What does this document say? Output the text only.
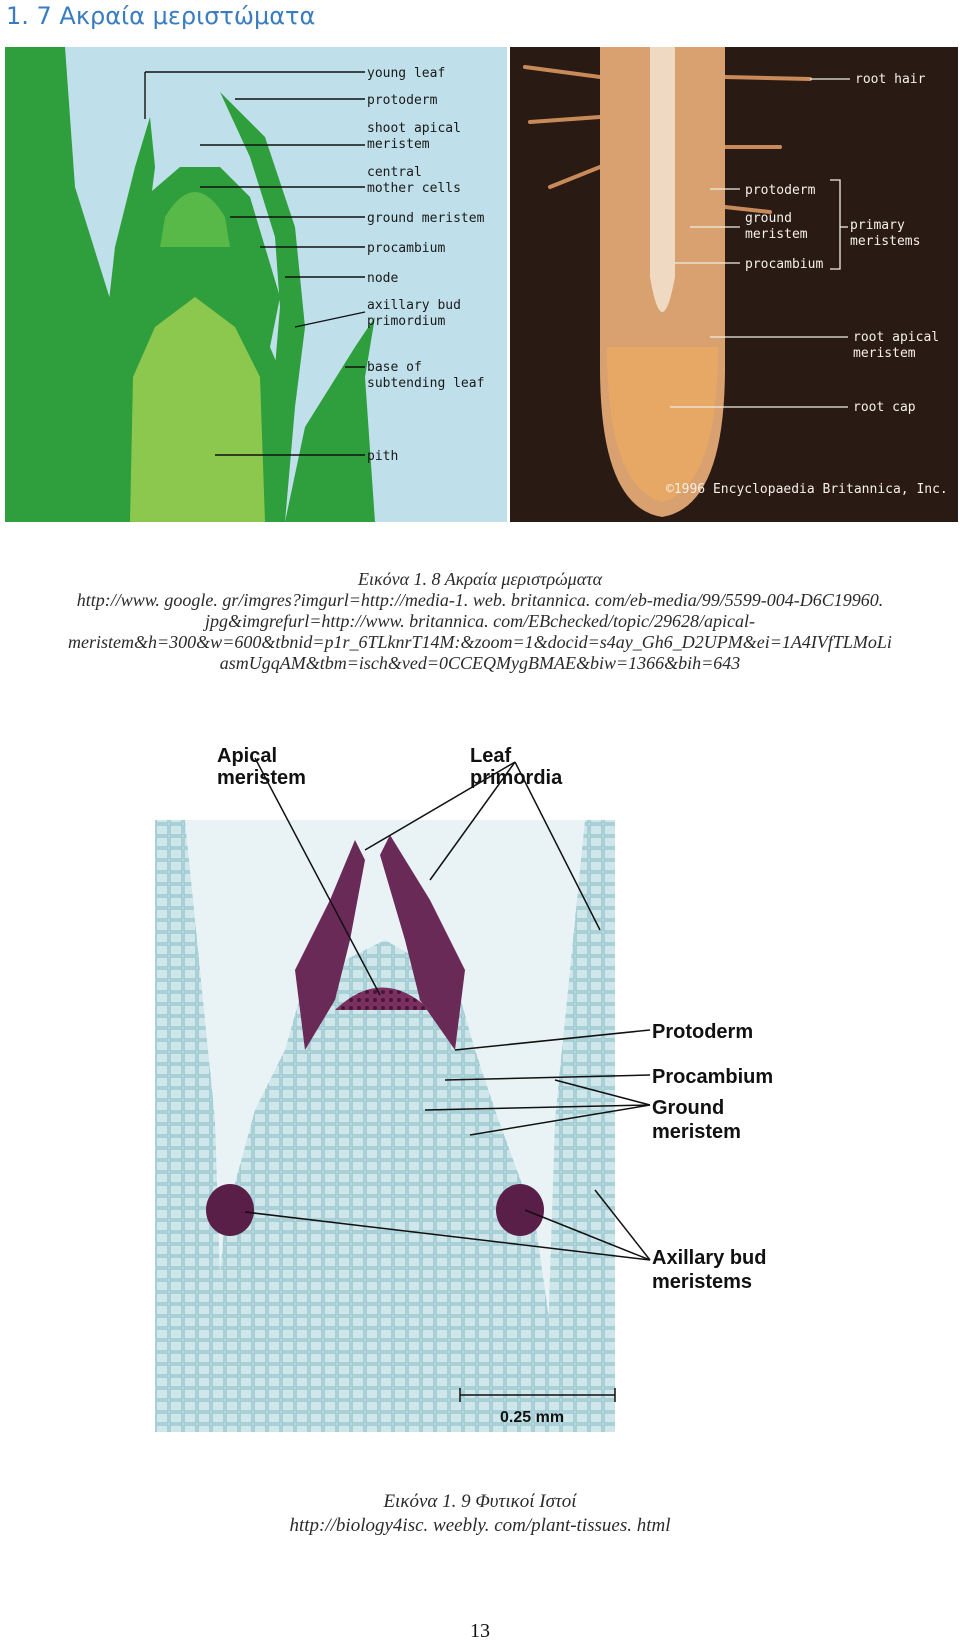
1. 7 Ακραία μεριστώματα
young leaf
protoderm
shoot apical
meristem
central
mother cells
ground meristem
procambium
node
axillary bud
primordium
base of
subtending leaf
pith
root hair
protoderm
ground
meristem
procambium
primary
meristems
root apical
meristem
root cap
©1996 Encyclopaedia Britannica, Inc.
Εικόνα 1. 8 Ακραία μεριστρώματα
http://www. google. gr/imgres?imgurl=http://media-1. web. britannica. com/eb-media/99/5599-004-D6C19960.
jpg&imgrefurl=http://www. britannica. com/EBchecked/topic/29628/apical-
meristem&h=300&w=600&tbnid=p1r_6TLknrT14M:&zoom=1&docid=s4ay_Gh6_D2UPM&ei=1A4IVfTLMoLi
asmUgqAM&tbm=isch&ved=0CCEQMygBMAE&biw=1366&bih=643
Apical
meristem
Leaf
primordia
Protoderm
Procambium
Ground
meristem
Axillary bud
meristems
0.25 mm
Εικόνα 1. 9 Φυτικοί Ιστοί
http://biology4isc. weebly. com/plant-tissues. html
13
